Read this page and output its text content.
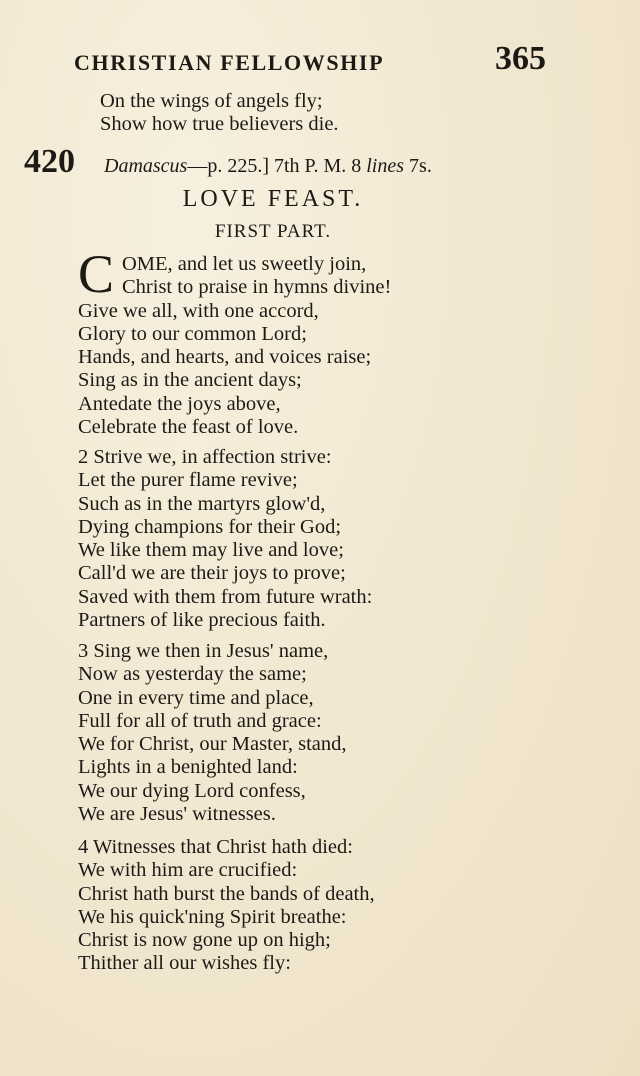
CHRISTIAN FELLOWSHIP	365
On the wings of angels fly;
Show how true believers die.
420 Damascus—p. 225.] 7th P. M. 8 lines 7s.
LOVE FEAST.
FIRST PART.
C OME, and let us sweetly join,
Christ to praise in hymns divine!
Give we all, with one accord,
Glory to our common Lord;
Hands, and hearts, and voices raise;
Sing as in the ancient days;
Antedate the joys above,
Celebrate the feast of love.
2 Strive we, in affection strive:
Let the purer flame revive;
Such as in the martyrs glow'd,
Dying champions for their God;
We like them may live and love;
Call'd we are their joys to prove;
Saved with them from future wrath:
Partners of like precious faith.
3 Sing we then in Jesus' name,
Now as yesterday the same;
One in every time and place,
Full for all of truth and grace:
We for Christ, our Master, stand,
Lights in a benighted land:
We our dying Lord confess,
We are Jesus' witnesses.
4 Witnesses that Christ hath died:
We with him are crucified:
Christ hath burst the bands of death,
We his quick'ning Spirit breathe:
Christ is now gone up on high;
Thither all our wishes fly:
